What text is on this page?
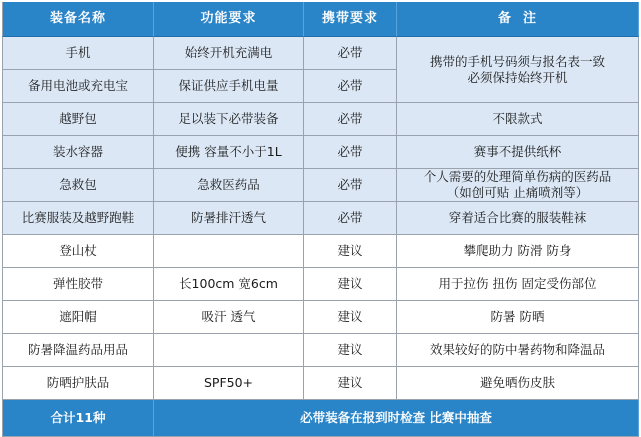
装备名称	功能要求	携带要求	备  注
手机	始终开机充满电	必带	携带的手机号码须与报名表一致
必须保持始终开机

备用电池或充电宝	保证供应手机电量	必带	
越野包	足以装下必带装备	必带	不限款式
装水容器	便携 容量不小于1L	必带	赛事不提供纸杯
急救包	急救医药品	必带	个人需要的处理简单伤病的医药品
（如创可贴 止痛喷剂等）

比赛服装及越野跑鞋	防暑排汗透气	必带	穿着适合比赛的服装鞋袜
登山杖		建议	攀爬助力 防滑 防身
弹性胶带	长100cm 宽6cm	建议	用于拉伤 扭伤 固定受伤部位
遮阳帽	吸汗 透气	建议	防暑 防晒
防暑降温药品用品		建议	效果较好的防中暑药物和降温品
防晒护肤品	SPF50+	建议	避免晒伤皮肤
合计11种	必带装备在报到时检查 比赛中抽查		
